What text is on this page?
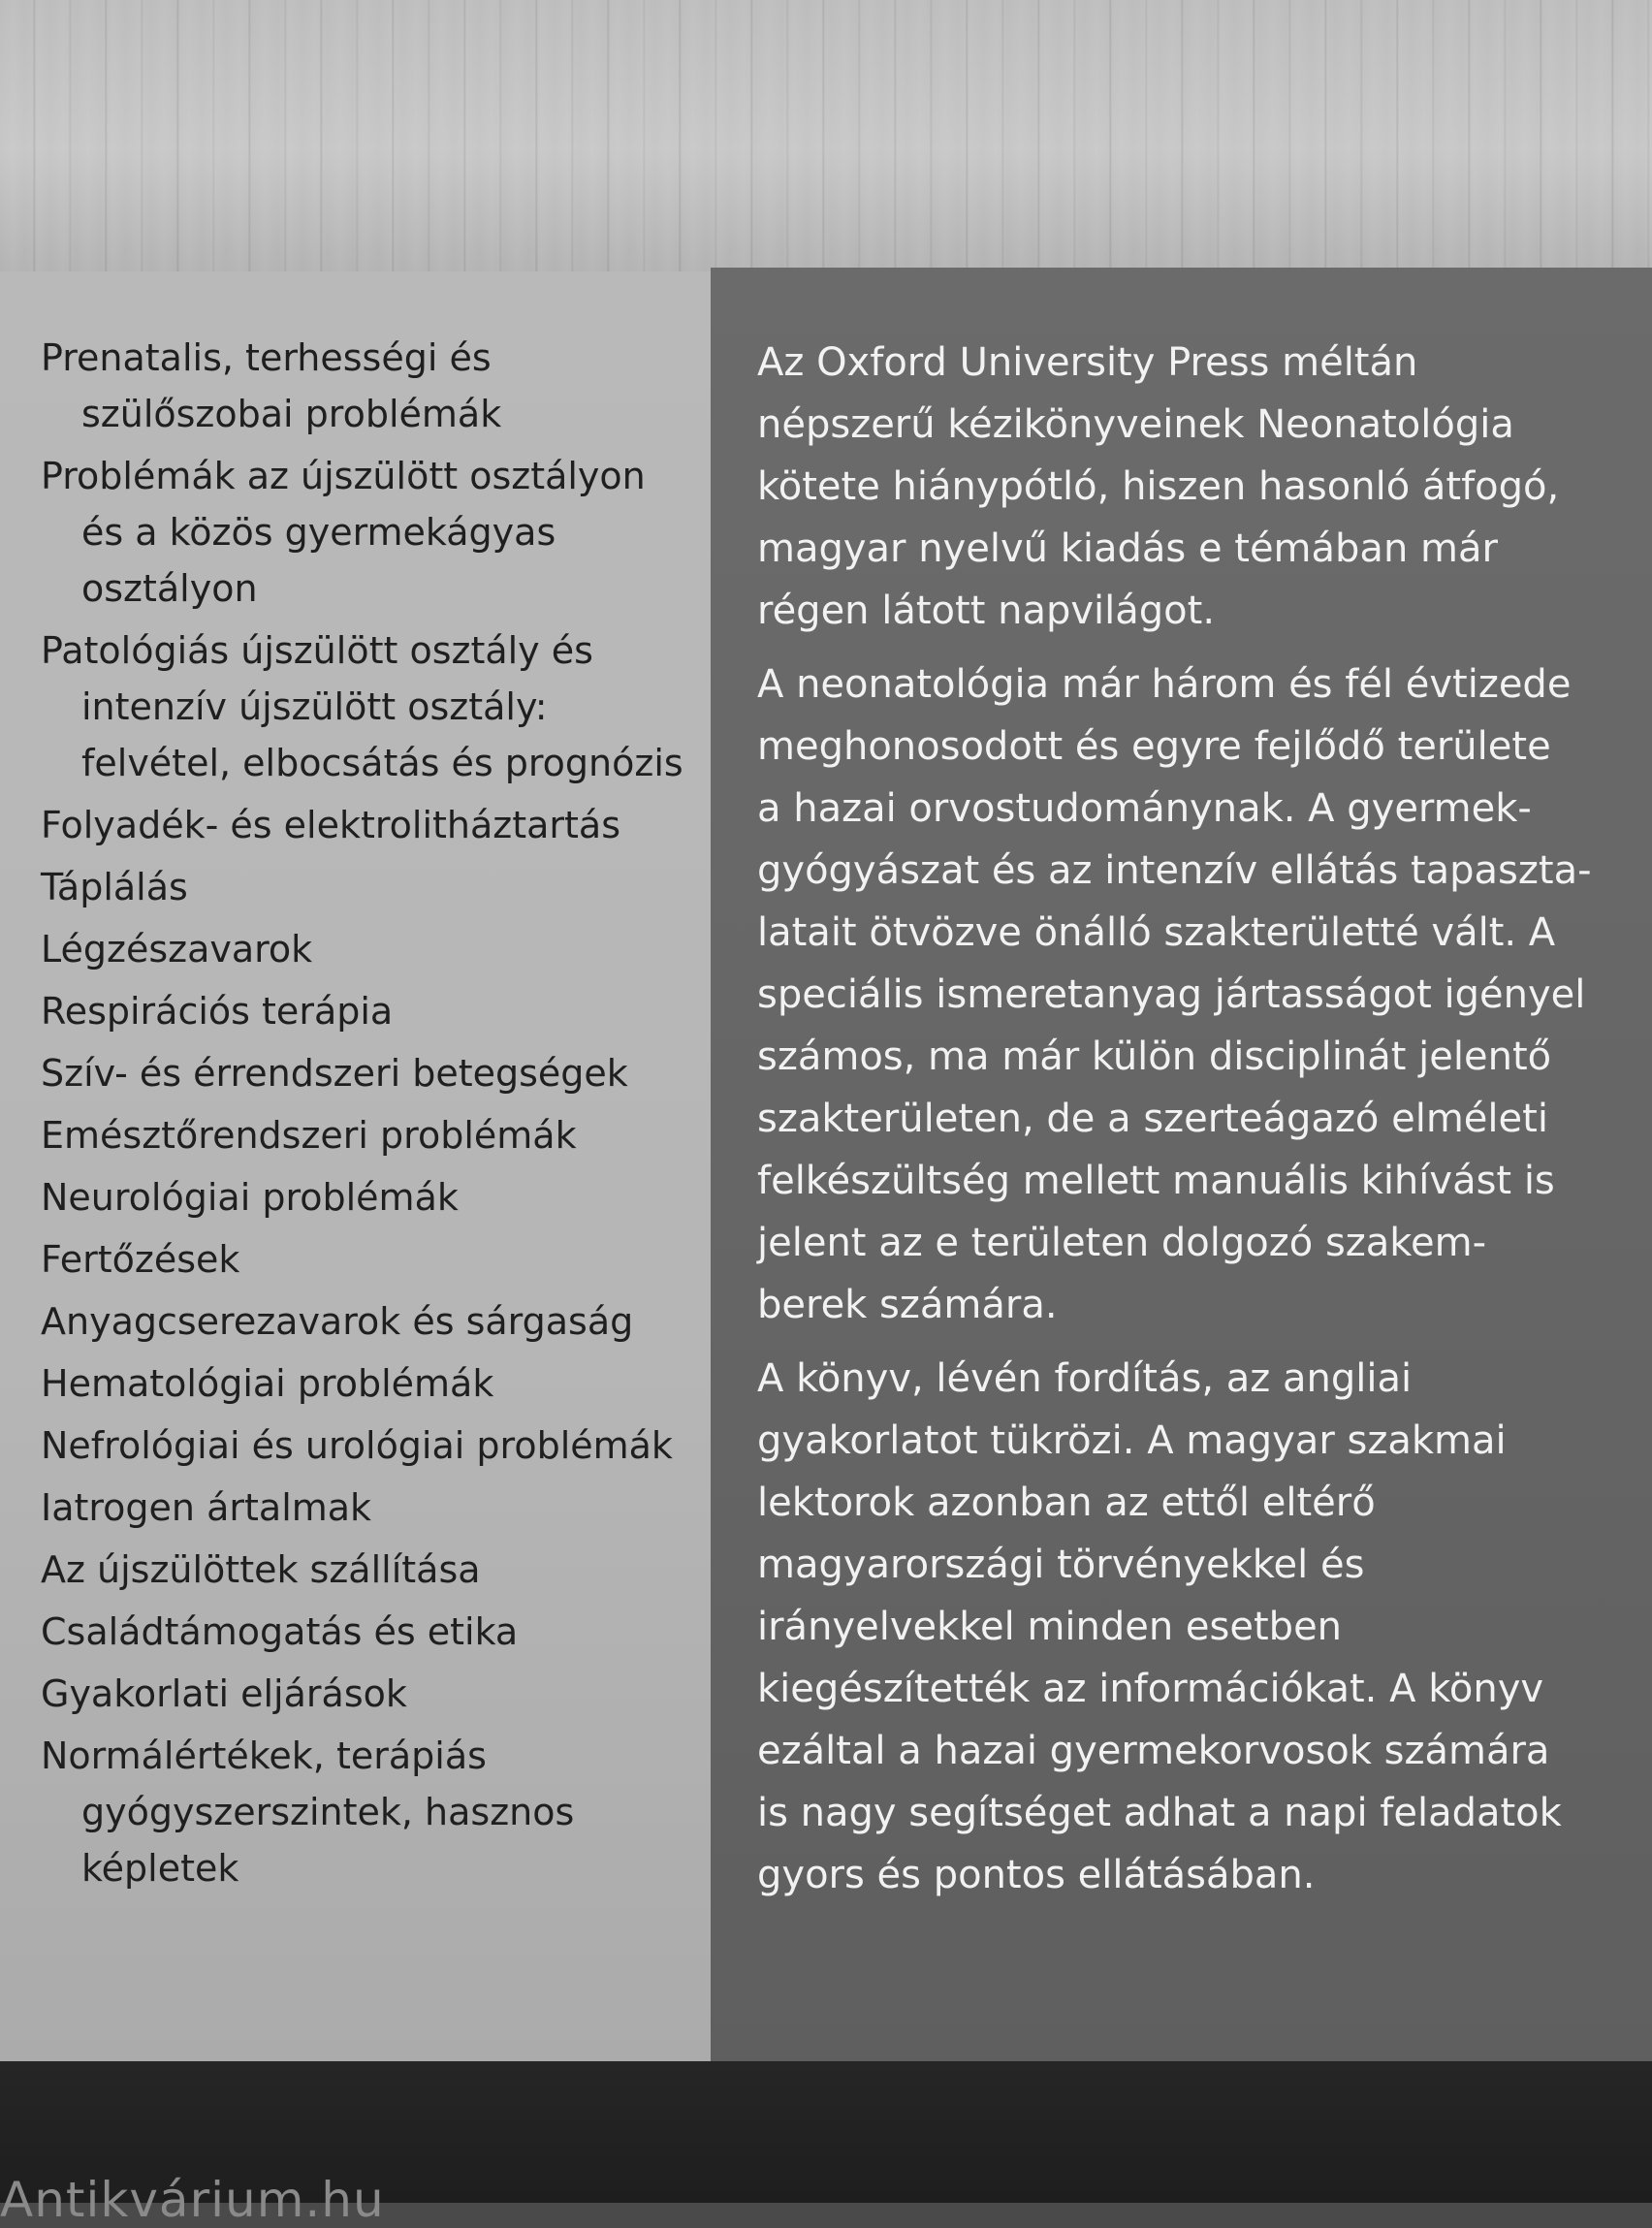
Prenatalis, terhességi és szülőszobai problémák
Problémák az újszülött osztályon és a közös gyermekágyas osztályon
Patológiás újszülött osztály és intenzív újszülött osztály: felvétel, elbocsátás és prognózis
Folyadék- és elektrolitháztartás
Táplálás
Légzészavarok
Respirációs terápia
Szív- és érrendszeri betegségek
Emésztőrendszeri problémák
Neurológiai problémák
Fertőzések
Anyagcserezavarok és sárgaság
Hematológiai problémák
Nefrológiai és urológiai problémák
Iatrogen ártalmak
Az újszülöttek szállítása
Családtámogatás és etika
Gyakorlati eljárások
Normálértékek, terápiás gyógyszerszintek, hasznos képletek

Az Oxford University Press méltán
népszerű kézikönyveinek Neonatológia
kötete hiánypótló, hiszen hasonló átfogó,
magyar nyelvű kiadás e témában már
régen látott napvilágot.

A neonatológia már három és fél évtizede
meghonosodott és egyre fejlődő területe
a hazai orvostudománynak. A gyermek-
gyógyászat és az intenzív ellátás tapaszta-
latait ötvözve önálló szakterületté vált. A
speciális ismeretanyag jártasságot igényel
számos, ma már külön disciplinát jelentő
szakterületen, de a szerteágazó elméleti
felkészültség mellett manuális kihívást is
jelent az e területen dolgozó szakem-
berek számára.

A könyv, lévén fordítás, az angliai
gyakorlatot tükrözi. A magyar szakmai
lektorok azonban az ettől eltérő
magyarországi törvényekkel és
irányelvekkel minden esetben
kiegészítették az információkat. A könyv
ezáltal a hazai gyermekorvosok számára
is nagy segítséget adhat a napi feladatok
gyors és pontos ellátásában.

Antikvárium.hu
